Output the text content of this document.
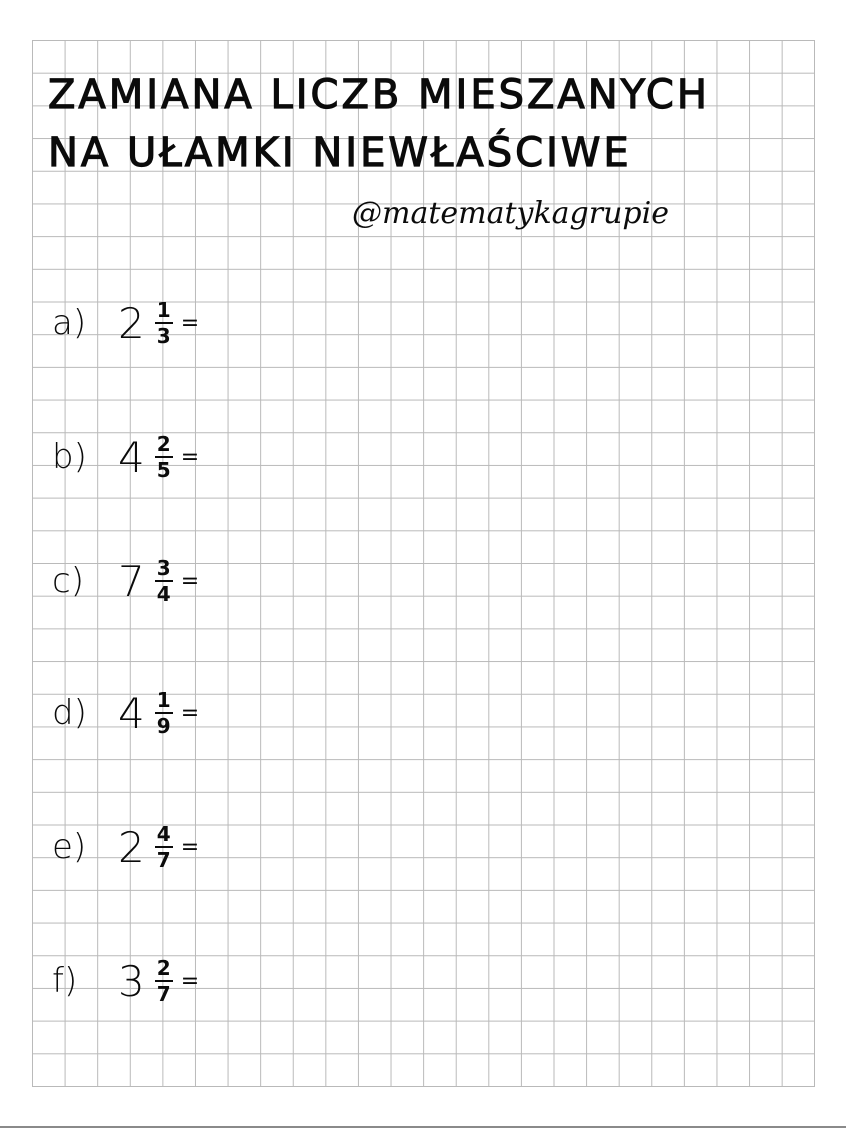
ZAMIANA LICZB MIESZANYCH
NA UŁAMKI NIEWŁAŚCIWE
@matematykagrupie
a) $2 \frac{1}{3}$ =
b) $4 \frac{2}{5}$ =
c) $7 \frac{3}{4}$ =
d) $4 \frac{1}{9}$ =
e) $2 \frac{4}{7}$ =
f) $3 \frac{2}{7}$ =
